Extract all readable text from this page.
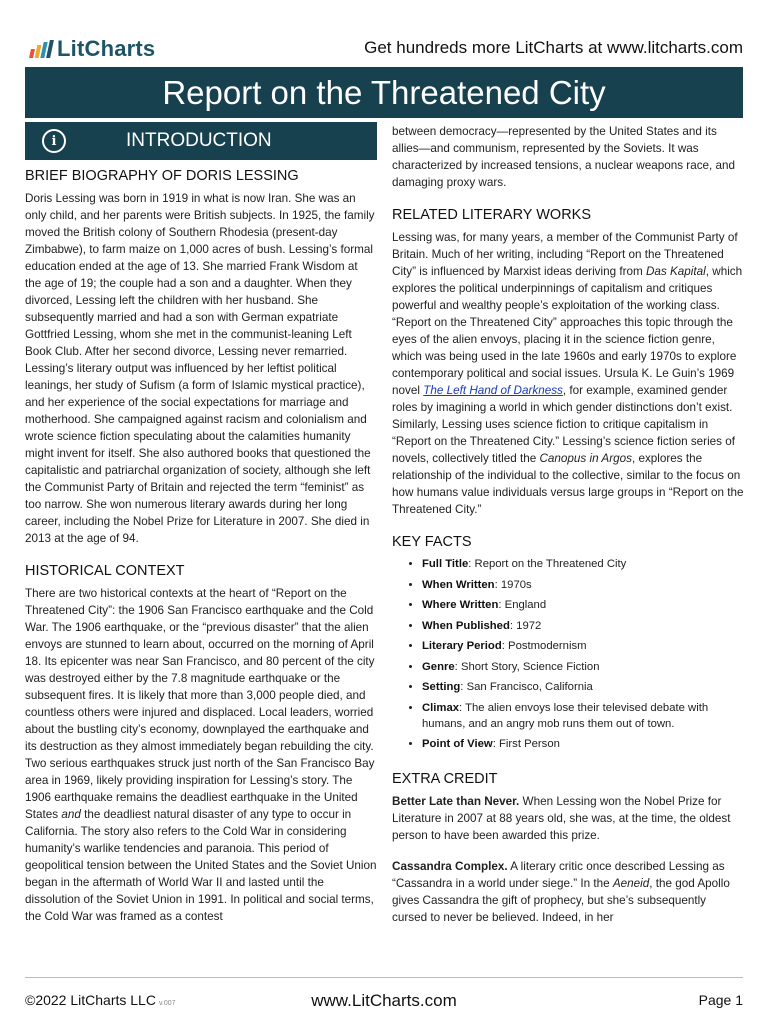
LitCharts	Get hundreds more LitCharts at www.litcharts.com
Report on the Threatened City
i	INTRODUCTION
BRIEF BIOGRAPHY OF DORIS LESSING

Doris Lessing was born in 1919 in what is now Iran. She was an only child, and her parents were British subjects. In 1925, the family moved the British colony of Southern Rhodesia (present-day Zimbabwe), to farm maize on 1,000 acres of bush. Lessing’s formal education ended at the age of 13. She married Frank Wisdom at the age of 19; the couple had a son and a daughter. When they divorced, Lessing left the children with her husband. She subsequently married and had a son with German expatriate Gottfried Lessing, whom she met in the communist-leaning Left Book Club. After her second divorce, Lessing never remarried. Lessing’s literary output was influenced by her leftist political leanings, her study of Sufism (a form of Islamic mystical practice), and her experience of the social expectations for marriage and motherhood. She campaigned against racism and colonialism and wrote science fiction speculating about the calamities humanity might invent for itself. She also authored books that questioned the capitalistic and patriarchal organization of society, although she left the Communist Party of Britain and rejected the term “feminist” as too narrow. She won numerous literary awards during her long career, including the Nobel Prize for Literature in 2007. She died in 2013 at the age of 94.

HISTORICAL CONTEXT

There are two historical contexts at the heart of “Report on the Threatened City”: the 1906 San Francisco earthquake and the Cold War. The 1906 earthquake, or the “previous disaster” that the alien envoys are stunned to learn about, occurred on the morning of April 18. Its epicenter was near San Francisco, and 80 percent of the city was destroyed either by the 7.8 magnitude earthquake or the subsequent fires. It is likely that more than 3,000 people died, and countless others were injured and displaced. Local leaders, worried about the bustling city’s economy, downplayed the earthquake and its destruction as they almost immediately began rebuilding the city. Two serious earthquakes struck just north of the San Francisco Bay area in 1969, likely providing inspiration for Lessing’s story. The 1906 earthquake remains the deadliest earthquake in the United States and the deadliest natural disaster of any type to occur in California. The story also refers to the Cold War in considering humanity’s warlike tendencies and paranoia. This period of geopolitical tension between the United States and the Soviet Union began in the aftermath of World War II and lasted until the dissolution of the Soviet Union in 1991. In political and social terms, the Cold War was framed as a contest

between democracy—represented by the United States and its allies—and communism, represented by the Soviets. It was characterized by increased tensions, a nuclear weapons race, and damaging proxy wars.

RELATED LITERARY WORKS

Lessing was, for many years, a member of the Communist Party of Britain. Much of her writing, including “Report on the Threatened City” is influenced by Marxist ideas deriving from Das Kapital, which explores the political underpinnings of capitalism and critiques powerful and wealthy people’s exploitation of the working class. “Report on the Threatened City” approaches this topic through the eyes of the alien envoys, placing it in the science fiction genre, which was being used in the late 1960s and early 1970s to explore contemporary political and social issues. Ursula K. Le Guin’s 1969 novel The Left Hand of Darkness, for example, examined gender roles by imagining a world in which gender distinctions don’t exist. Similarly, Lessing uses science fiction to critique capitalism in “Report on the Threatened City.” Lessing’s science fiction series of novels, collectively titled the Canopus in Argos, explores the relationship of the individual to the collective, similar to the focus on how humans value individuals versus large groups in “Report on the Threatened City.”

KEY FACTS
• Full Title: Report on the Threatened City
• When Written: 1970s
• Where Written: England
• When Published: 1972
• Literary Period: Postmodernism
• Genre: Short Story, Science Fiction
• Setting: San Francisco, California
• Climax: The alien envoys lose their televised debate with humans, and an angry mob runs them out of town.
• Point of View: First Person
EXTRA CREDIT

Better Late than Never. When Lessing won the Nobel Prize for Literature in 2007 at 88 years old, she was, at the time, the oldest person to have been awarded this prize.

Cassandra Complex. A literary critic once described Lessing as “Cassandra in a world under siege.” In the Aeneid, the god Apollo gives Cassandra the gift of prophecy, but she’s subsequently cursed to never be believed. Indeed, in her

©2022 LitCharts LLC v.007	www.LitCharts.com	Page 1
